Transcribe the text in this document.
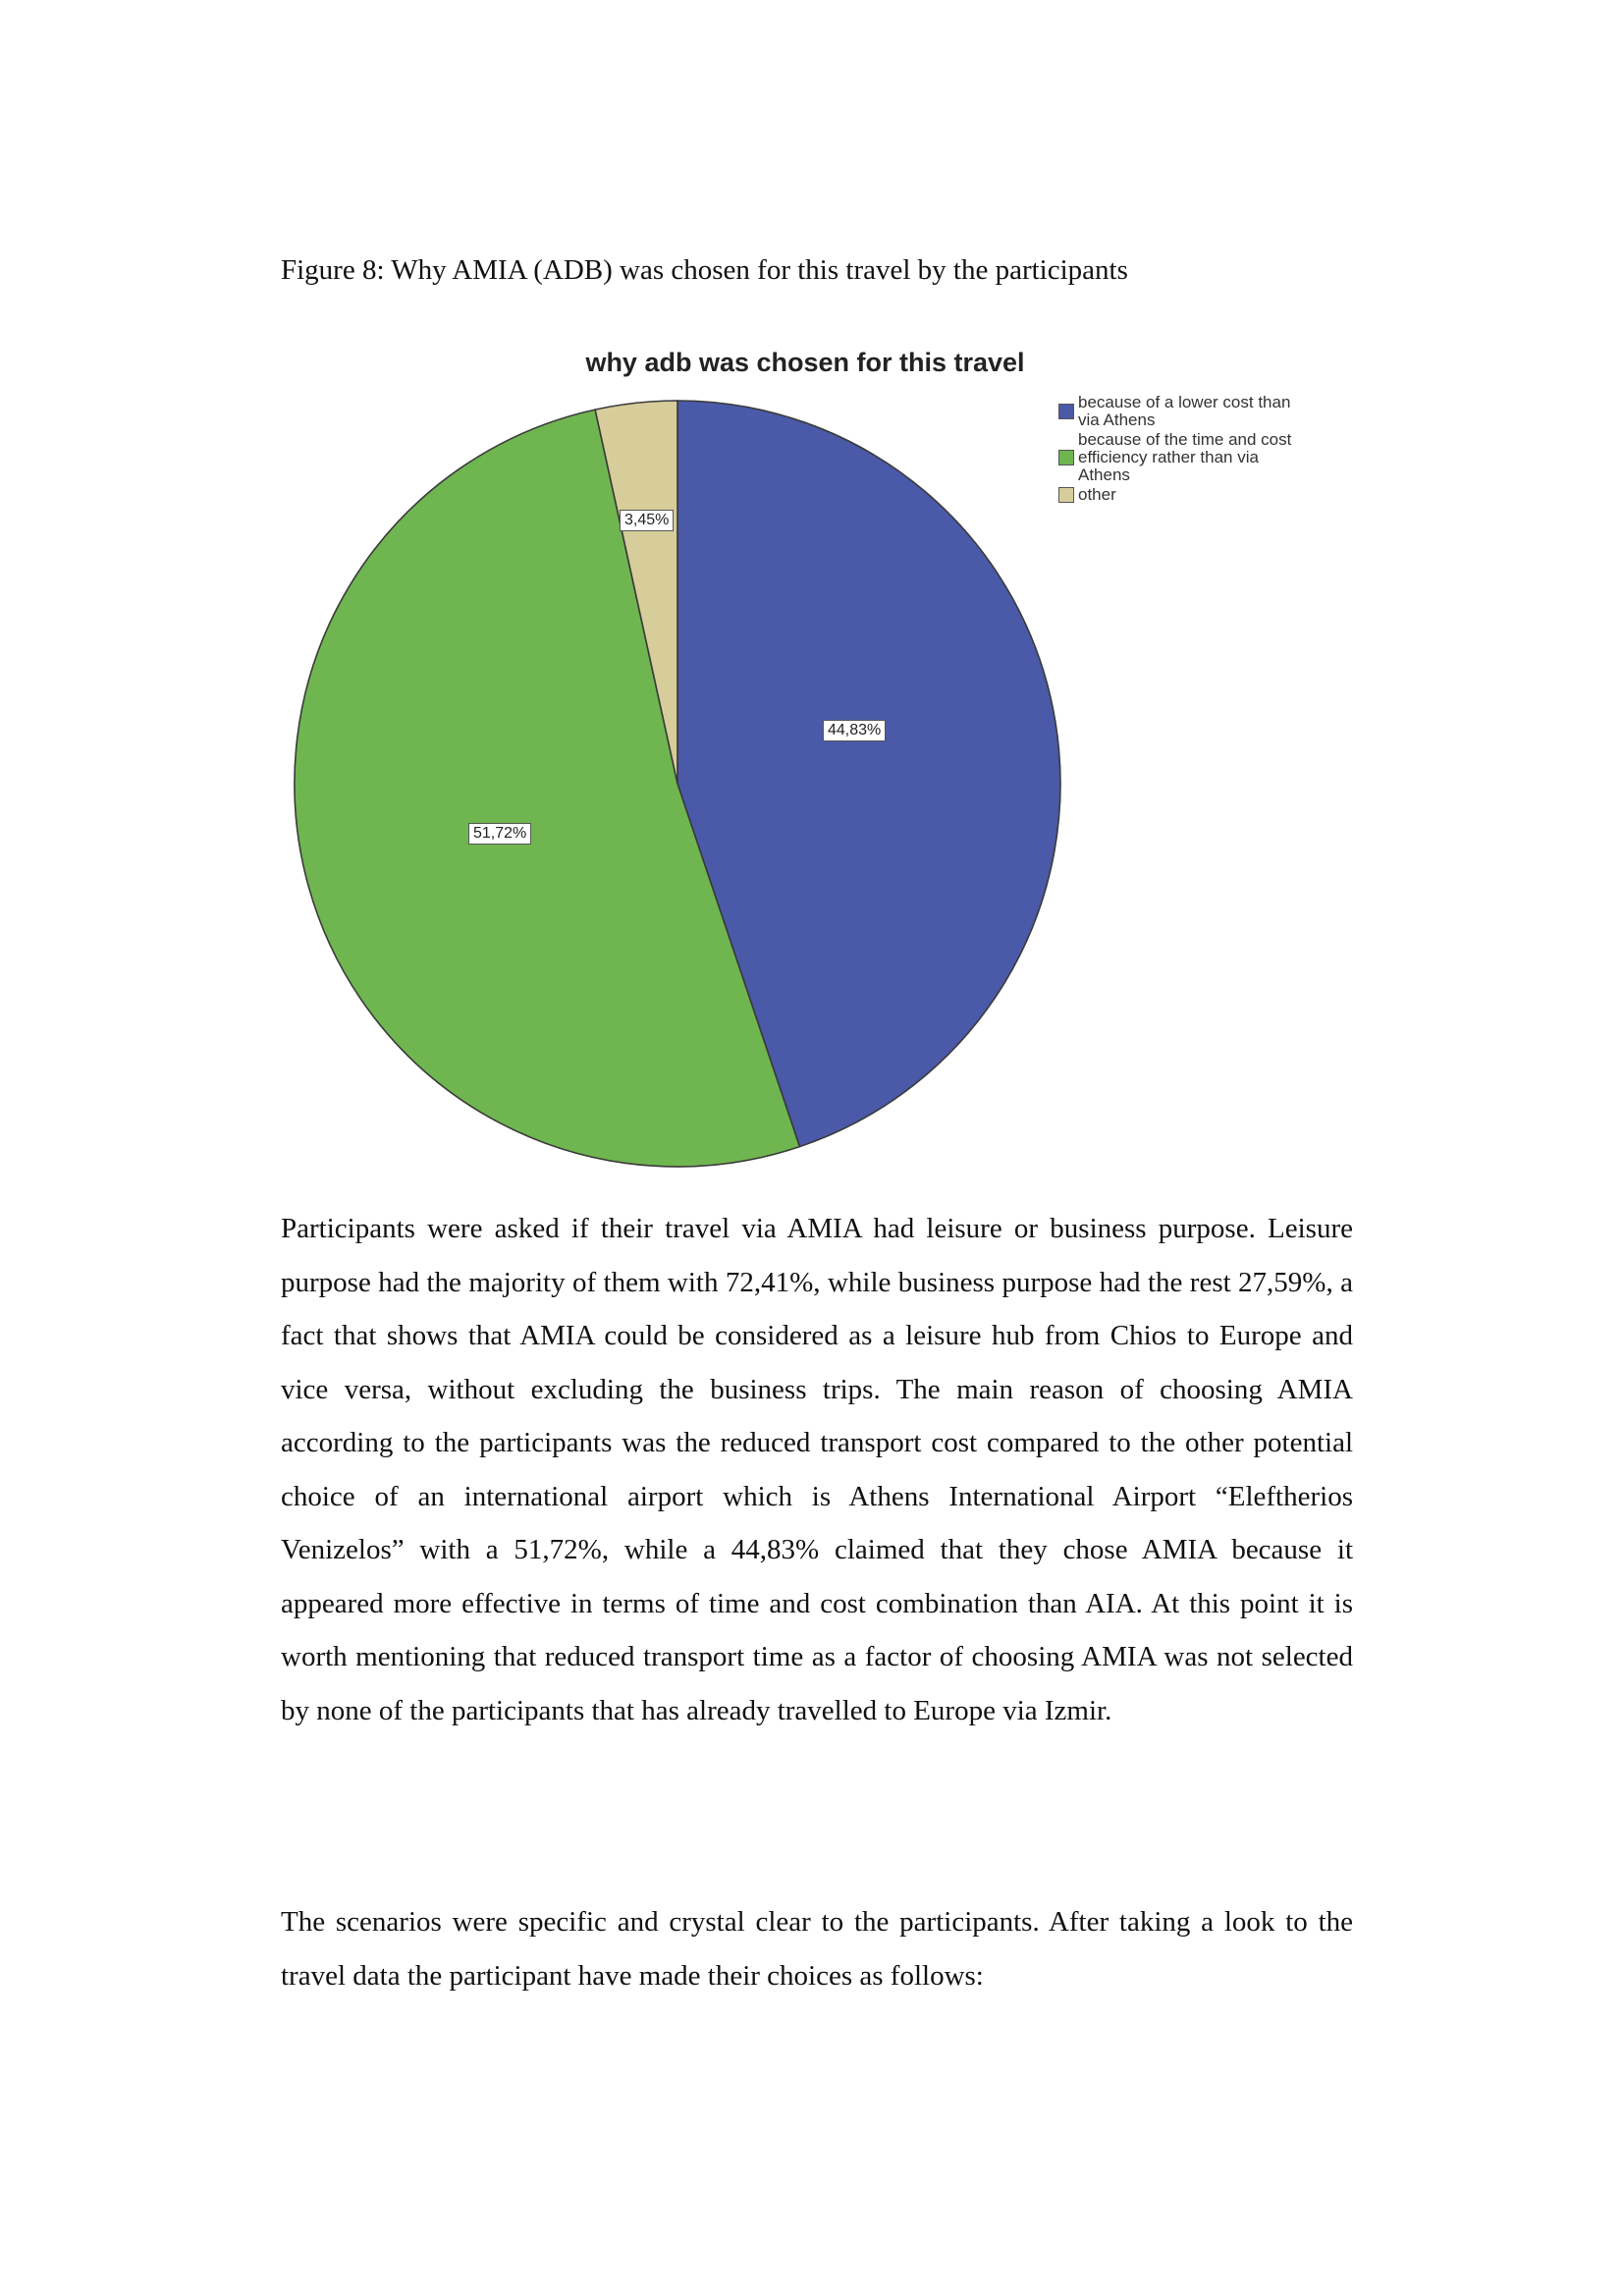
Figure 8: Why AMIA (ADB) was chosen for this travel by the participants
why adb was chosen for this travel
because of a lower cost than via Athens
because of the time and cost efficiency rather than via Athens
other
44,83%
51,72%
3,45%

Participants were asked if their travel via AMIA had leisure or business purpose. Leisure purpose had the majority of them with 72,41%, while business purpose had the rest 27,59%, a fact that shows that AMIA could be considered as a leisure hub from Chios to Europe and vice versa, without excluding the business trips. The main reason of choosing AMIA according to the participants was the reduced transport cost compared to the other potential choice of an international airport which is Athens International Airport “Eleftherios Venizelos” with a 51,72%, while a 44,83% claimed that they chose AMIA because it appeared more effective in terms of time and cost combination than AIA. At this point it is worth mentioning that reduced transport time as a factor of choosing AMIA was not selected by none of the participants that has already travelled to Europe via Izmir.

The scenarios were specific and crystal clear to the participants. After taking a look to the travel data the participant have made their choices as follows:
